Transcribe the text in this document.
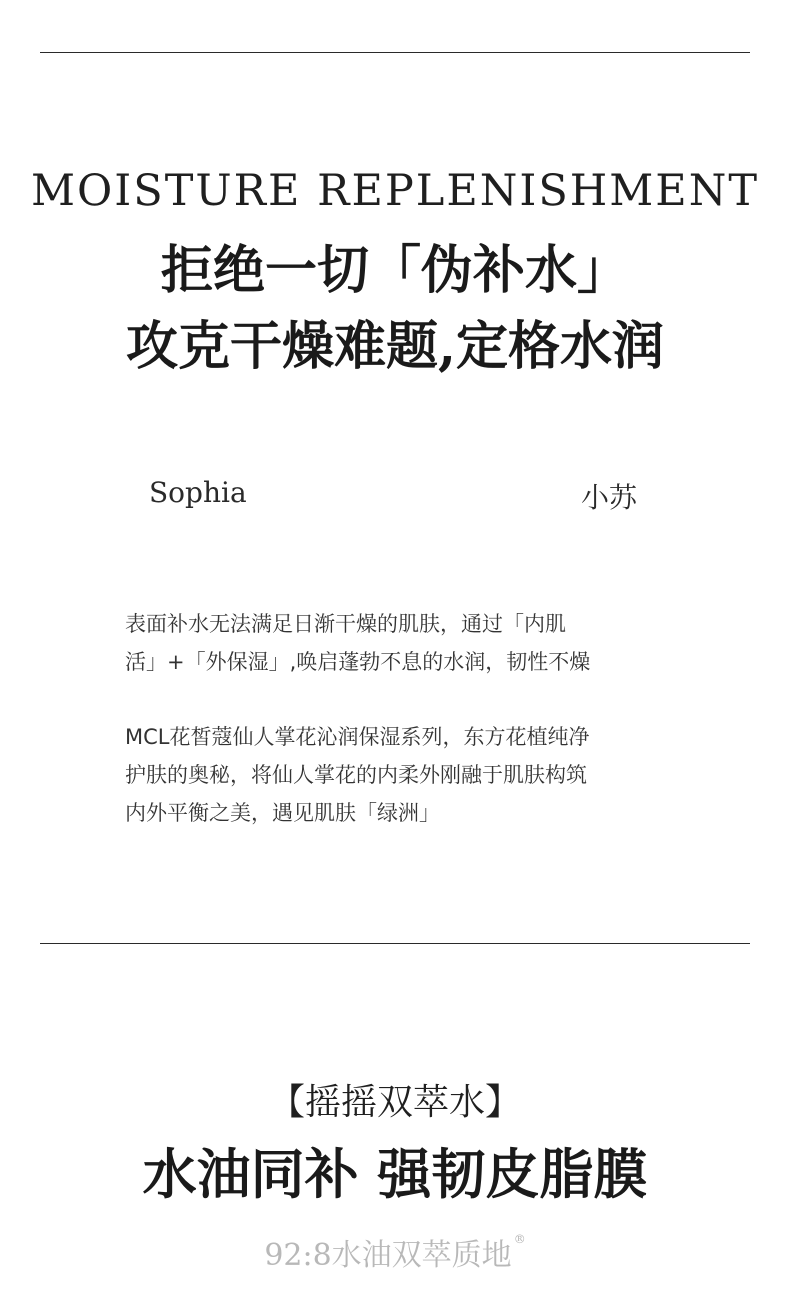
MOISTURE REPLENISHMENT
拒绝一切「伪补水」
攻克干燥难题,定格水润
Sophia	小苏
表面补水无法满足日渐干燥的肌肤，通过「内肌
活」+「外保湿」,唤启蓬勃不息的水润，韧性不燥
MCL花皙蔻仙人掌花沁润保湿系列，东方花植纯净
护肤的奥秘，将仙人掌花的内柔外刚融于肌肤构筑
内外平衡之美，遇见肌肤「绿洲」
【摇摇双萃水】
水油同补 强韧皮脂膜
92:8水油双萃质地 ®
